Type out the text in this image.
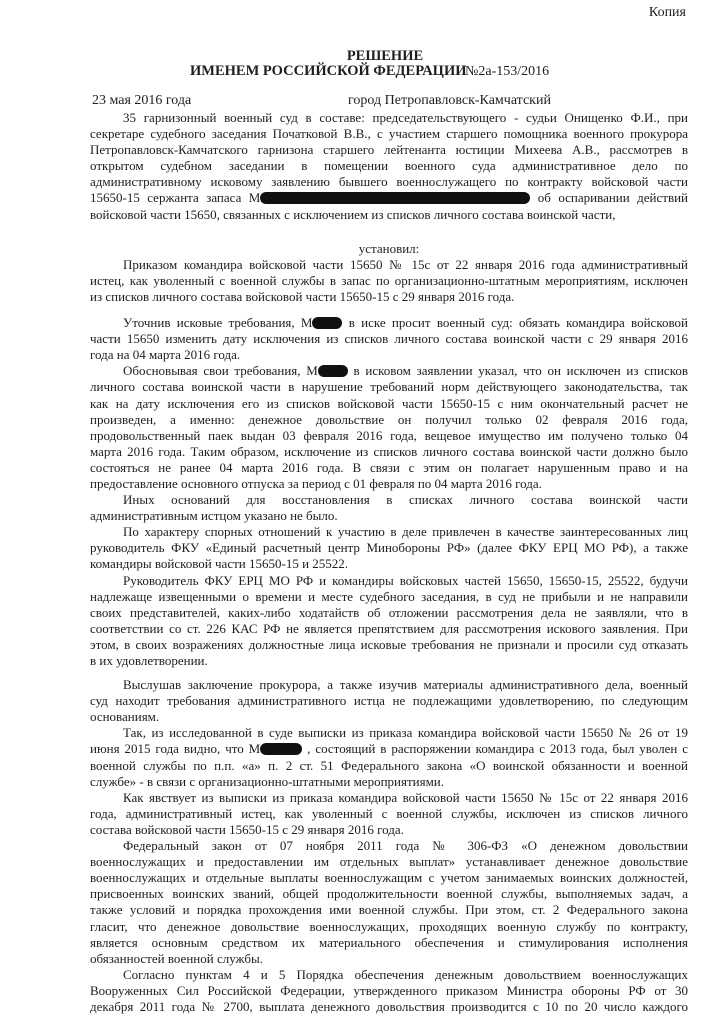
Копия
РЕШЕНИЕ
ИМЕНЕМ РОССИЙСКОЙ ФЕДЕРАЦИИ
№2а-153/2016
23 мая 2016 года	город Петропавловск-Камчатский
35 гарнизонный военный суд в составе: председательствующего - судьи Онищенко Ф.И., при
секретаре судебного заседания Початковой В.В., с участием старшего помощника военного прокурора
Петропавловск-Камчатского гарнизона старшего лейтенанта юстиции Михеева А.В., рассмотрев в
открытом судебном заседании в помещении военного суда административное дело по
административному исковому заявлению бывшего военнослужащего по контракту войсковой части
15650-15 сержанта запаса М	об оспаривании действий
войсковой части 15650, связанных с исключением из списков личного состава воинской части,
установил:
Приказом командира войсковой части 15650 № 15с от 22 января 2016 года административный
истец, как уволенный с военной службы в запас по организационно-штатным мероприятиям, исключен
из списков личного состава войсковой части 15650-15 с 29 января 2016 года.
Уточнив исковые требования, М	в иске просит военный суд: обязать командира войсковой
части 15650 изменить дату исключения из списков личного состава воинской части с 29 января 2016
года на 04 марта 2016 года.
Обосновывая свои требования, М	в исковом заявлении указал, что он исключен из списков
личного состава воинской части в нарушение требований норм действующего законодательства, так
как на дату исключения его из списков войсковой части 15650-15 с ним окончательный расчет не
произведен, а именно: денежное довольствие он получил только 02 февраля 2016 года,
продовольственный паек выдан 03 февраля 2016 года, вещевое имущество им получено только 04
марта 2016 года. Таким образом, исключение из списков личного состава воинской части должно было
состояться не ранее 04 марта 2016 года. В связи с этим он полагает нарушенным право и на
предоставление основного отпуска за период с 01 февраля по 04 марта 2016 года.
Иных оснований для восстановления в списках личного состава воинской части
административным истцом указано не было.
По характеру спорных отношений к участию в деле привлечен в качестве заинтересованных лиц
руководитель ФКУ «Единый расчетный центр Минобороны РФ» (далее ФКУ ЕРЦ МО РФ), а также
командиры войсковой части 15650-15 и 25522.
Руководитель ФКУ ЕРЦ МО РФ и командиры войсковых частей 15650, 15650-15, 25522, будучи
надлежаще извещенными о времени и месте судебного заседания, в суд не прибыли и не направили
своих представителей, каких-либо ходатайств об отложении рассмотрения дела не заявляли, что в
соответствии со ст. 226 КАС РФ не является препятствием для рассмотрения искового заявления. При
этом, в своих возражениях должностные лица исковые требования не признали и просили суд отказать
в их удовлетворении.
Выслушав заключение прокурора, а также изучив материалы административного дела, военный
суд находит требования административного истца не подлежащими удовлетворению, по следующим
основаниям.
Так, из исследованной в суде выписки из приказа командира войсковой части 15650 № 26 от 19
июня 2015 года видно, что М	, состоящий в распоряжении командира с 2013 года, был уволен с
военной службы по п.п. «а» п. 2 ст. 51 Федерального закона «О воинской обязанности и военной
службе» - в связи с организационно-штатными мероприятиями.
Как явствует из выписки из приказа командира войсковой части 15650 № 15с от 22 января 2016
года, административный истец, как уволенный с военной службы, исключен из списков личного
состава войсковой части 15650-15 с 29 января 2016 года.
Федеральный закон от 07 ноября 2011 года № 306-ФЗ «О денежном довольствии
военнослужащих и предоставлении им отдельных выплат» устанавливает денежное довольствие
военнослужащих и отдельные выплаты военнослужащим с учетом занимаемых воинских должностей,
присвоенных воинских званий, общей продолжительности военной службы, выполняемых задач, а
также условий и порядка прохождения ими военной службы. При этом, ст. 2 Федерального закона
гласит, что денежное довольствие военнослужащих, проходящих военную службу по контракту,
является основным средством их материального обеспечения и стимулирования исполнения
обязанностей военной службы.
Согласно пунктам 4 и 5 Порядка обеспечения денежным довольствием военнослужащих
Вооруженных Сил Российской Федерации, утвержденного приказом Министра обороны РФ от 30
декабря 2011 года № 2700, выплата денежного довольствия производится с 10 по 20 число каждого
